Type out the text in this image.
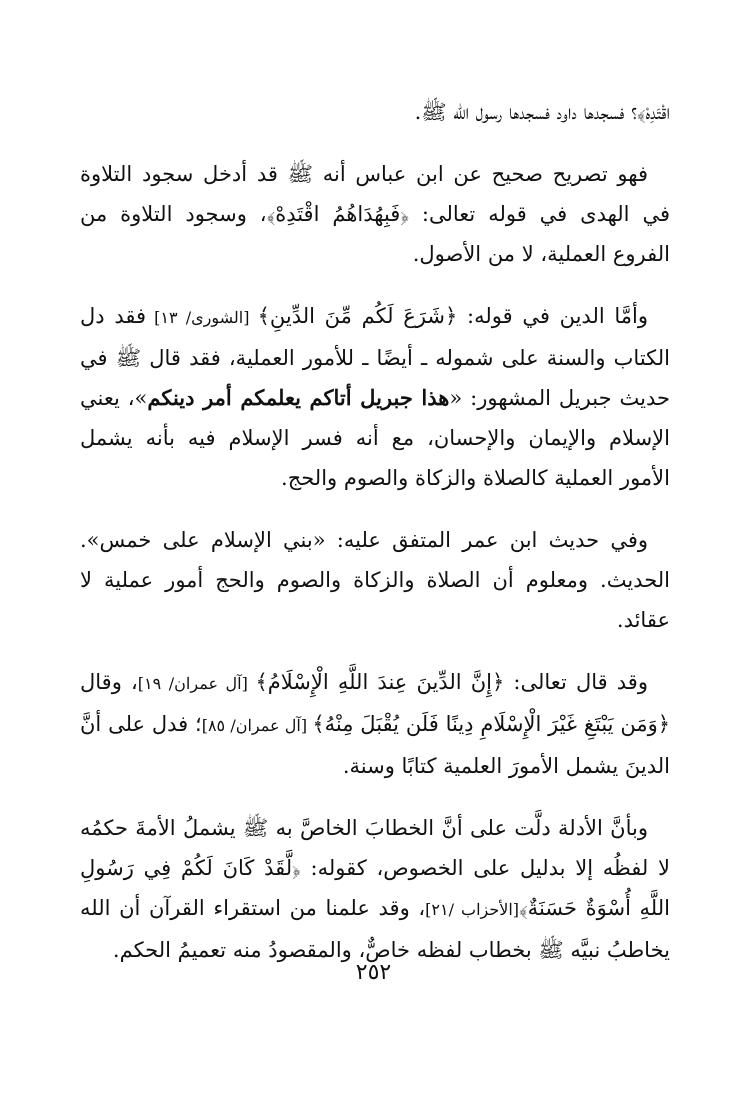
اقْتَدِهْ﴾؟ فسجدها داود فسجدها رسول الله ﷺ.

فهو تصريح صحيح عن ابن عباس أنه ﷺ قد أدخل سجود التلاوة في الهدى في قوله تعالى: ﴿فَبِهُدَاهُمُ اقْتَدِهْ﴾، وسجود التلاوة من الفروع العملية، لا من الأصول.

وأمَّا الدين في قوله: ﴿شَرَعَ لَكُم مِّنَ الدِّينِ﴾ [الشورى/ ١٣] فقد دل الكتاب والسنة على شموله ـ أيضًا ـ للأمور العملية، فقد قال ﷺ في حديث جبريل المشهور: «هذا جبريل أتاكم يعلمكم أمر دينكم»، يعني الإسلام والإيمان والإحسان، مع أنه فسر الإسلام فيه بأنه يشمل الأمور العملية كالصلاة والزكاة والصوم والحج.

وفي حديث ابن عمر المتفق عليه: «بني الإسلام على خمس». الحديث. ومعلوم أن الصلاة والزكاة والصوم والحج أمور عملية لا عقائد.

وقد قال تعالى: ﴿إِنَّ الدِّينَ عِندَ اللَّهِ الْإِسْلَامُ﴾ [آل عمران/ ١٩]، وقال ﴿وَمَن يَبْتَغِ غَيْرَ الْإِسْلَامِ دِينًا فَلَن يُقْبَلَ مِنْهُ﴾ [آل عمران/ ٨٥]؛ فدل على أنَّ الدينَ يشمل الأمورَ العلمية كتابًا وسنة.

وبأنَّ الأدلة دلَّت على أنَّ الخطابَ الخاصَّ به ﷺ يشملُ الأمةَ حكمُه لا لفظُه إلا بدليل على الخصوص، كقوله: ﴿لَّقَدْ كَانَ لَكُمْ فِي رَسُولِ اللَّهِ أُسْوَةٌ حَسَنَةٌ﴾[الأحزاب /٢١]، وقد علمنا من استقراء القرآن أن الله يخاطبُ نبيَّه ﷺ بخطاب لفظه خاصٌّ، والمقصودُ منه تعميمُ الحكم.

٢٥٢
